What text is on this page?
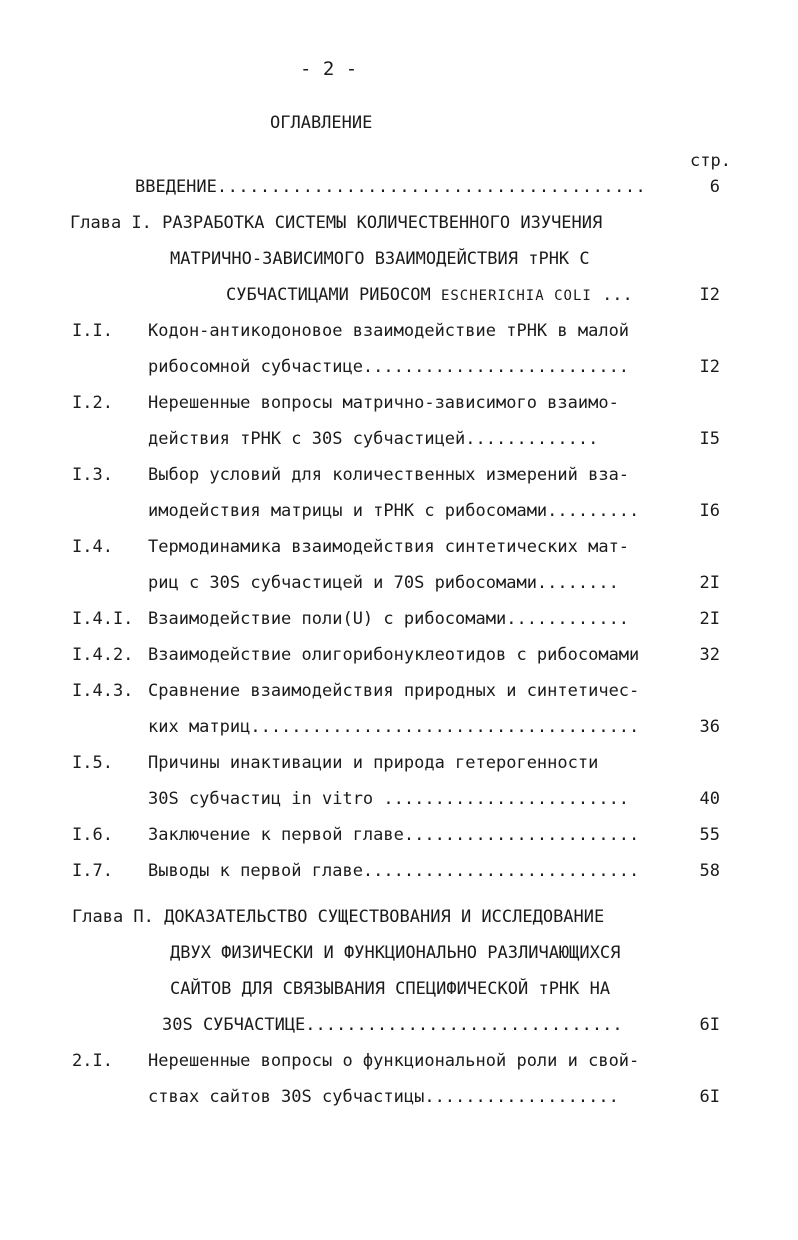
- 2 -
ОГЛАВЛЕНИЕ
стр.
ВВЕДЕНИЕ........................................	6
Глава I. РАЗРАБОТКА СИСТЕМЫ КОЛИЧЕСТВЕННОГО ИЗУЧЕНИЯ
МАТРИЧНО-ЗАВИСИМОГО ВЗАИМОДЕЙСТВИЯ тРНК С
СУБЧАСТИЦАМИ РИБОСОМ ESCHERICHIA COLI ...	I2
I.I. Кодон-антикодоновое взаимодействие тРНК в малой
рибосомной субчастице..........................	I2
I.2. Нерешенные вопросы матрично-зависимого взаимо-
действия тРНК с 30S субчастицей.............	I5
I.3. Выбор условий для количественных измерений вза-
имодействия матрицы и тРНК с рибосомами.........	I6
I.4. Термодинамика взаимодействия синтетических мат-
риц с 30S субчастицей и 70S рибосомами........	2I
I.4.I. Взаимодействие поли(U) с рибосомами............	2I
I.4.2. Взаимодействие олигорибонуклеотидов с рибосомами	32
I.4.3. Сравнение взаимодействия природных и синтетичес-
ких матриц......................................	36
I.5. Причины инактивации и природа гетерогенности
30S субчастиц in vitro ........................	40
I.6. Заключение к первой главе.......................	55
I.7. Выводы к первой главе...........................	58
Глава П. ДОКАЗАТЕЛЬСТВО СУЩЕСТВОВАНИЯ И ИССЛЕДОВАНИЕ
ДВУХ ФИЗИЧЕСКИ И ФУНКЦИОНАЛЬНО РАЗЛИЧАЮЩИХСЯ
САЙТОВ ДЛЯ СВЯЗЫВАНИЯ СПЕЦИФИЧЕСКОЙ тРНК НА
30S СУБЧАСТИЦЕ...............................	6I
2.I. Нерешенные вопросы о функциональной роли и свой-
ствах сайтов 30S субчастицы...................	6I
